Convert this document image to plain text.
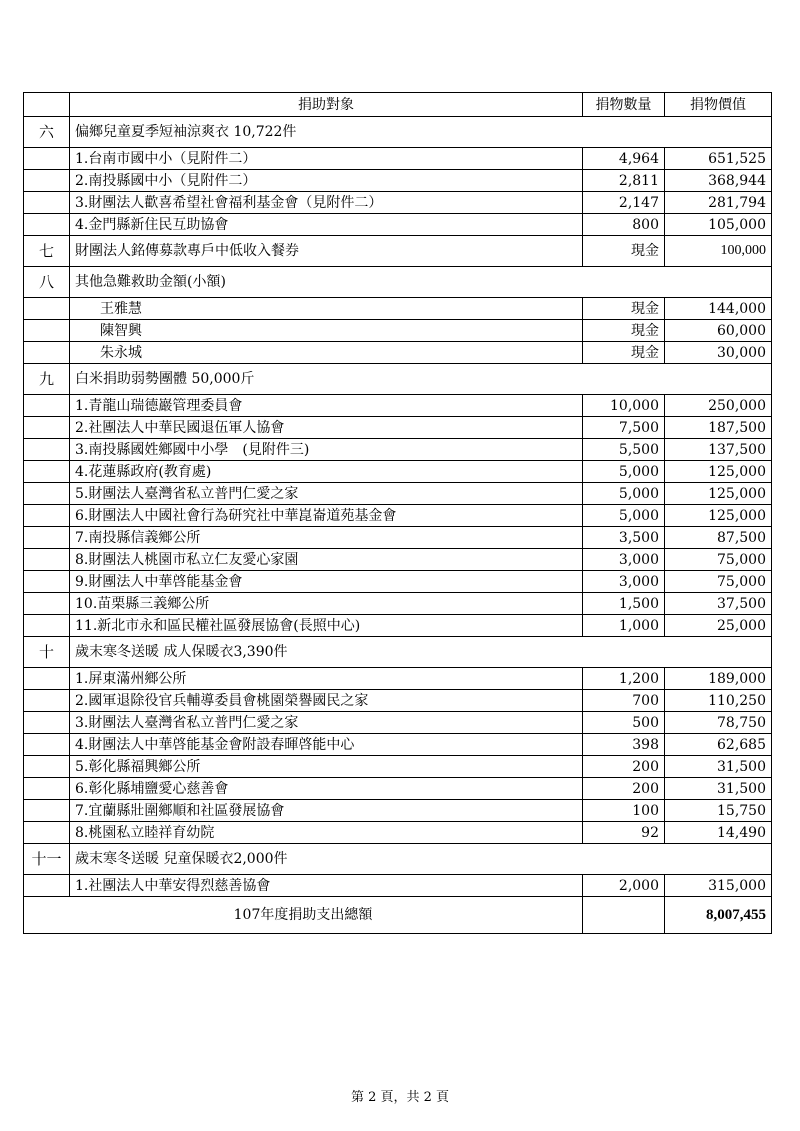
	捐助對象	捐物數量	捐物價值
六	偏鄉兒童夏季短袖涼爽衣 10,722件		
	1.台南市國中小（見附件二）	4,964	651,525
	2.南投縣國中小（見附件二）	2,811	368,944
	3.財團法人歡喜希望社會福利基金會（見附件二）	2,147	281,794
	4.金門縣新住民互助協會	800	105,000
七	財團法人銘傳募款專戶中低收入餐券	現金	100,000
八	其他急難救助金額(小額)		
	王雅慧	現金	144,000
	陳智興	現金	60,000
	朱永城	現金	30,000
九	白米捐助弱勢團體 50,000斤		
	1.青龍山瑞德巖管理委員會	10,000	250,000
	2.社團法人中華民國退伍軍人協會	7,500	187,500
	3.南投縣國姓鄉國中小學　(見附件三)	5,500	137,500
	4.花蓮縣政府(教育處)	5,000	125,000
	5.財團法人臺灣省私立普門仁愛之家	5,000	125,000
	6.財團法人中國社會行為研究社中華崑崙道苑基金會	5,000	125,000
	7.南投縣信義鄉公所	3,500	87,500
	8.財團法人桃園市私立仁友愛心家園	3,000	75,000
	9.財團法人中華啓能基金會	3,000	75,000
	10.苗栗縣三義鄉公所	1,500	37,500
	11.新北市永和區民權社區發展協會(長照中心)	1,000	25,000
十	歲末寒冬送暖 成人保暖衣3,390件		
	1.屏東滿州鄉公所	1,200	189,000
	2.國軍退除役官兵輔導委員會桃園榮譽國民之家	700	110,250
	3.財團法人臺灣省私立普門仁愛之家	500	78,750
	4.財團法人中華啓能基金會附設春暉啓能中心	398	62,685
	5.彰化縣福興鄉公所	200	31,500
	6.彰化縣埔鹽愛心慈善會	200	31,500
	7.宜蘭縣壯圍鄉順和社區發展協會	100	15,750
	8.桃園私立睦祥育幼院	92	14,490
十一	歲末寒冬送暖 兒童保暖衣2,000件		
	1.社團法人中華安得烈慈善協會	2,000	315,000
107年度捐助支出總額			8,007,455
第 2 頁，共 2 頁
